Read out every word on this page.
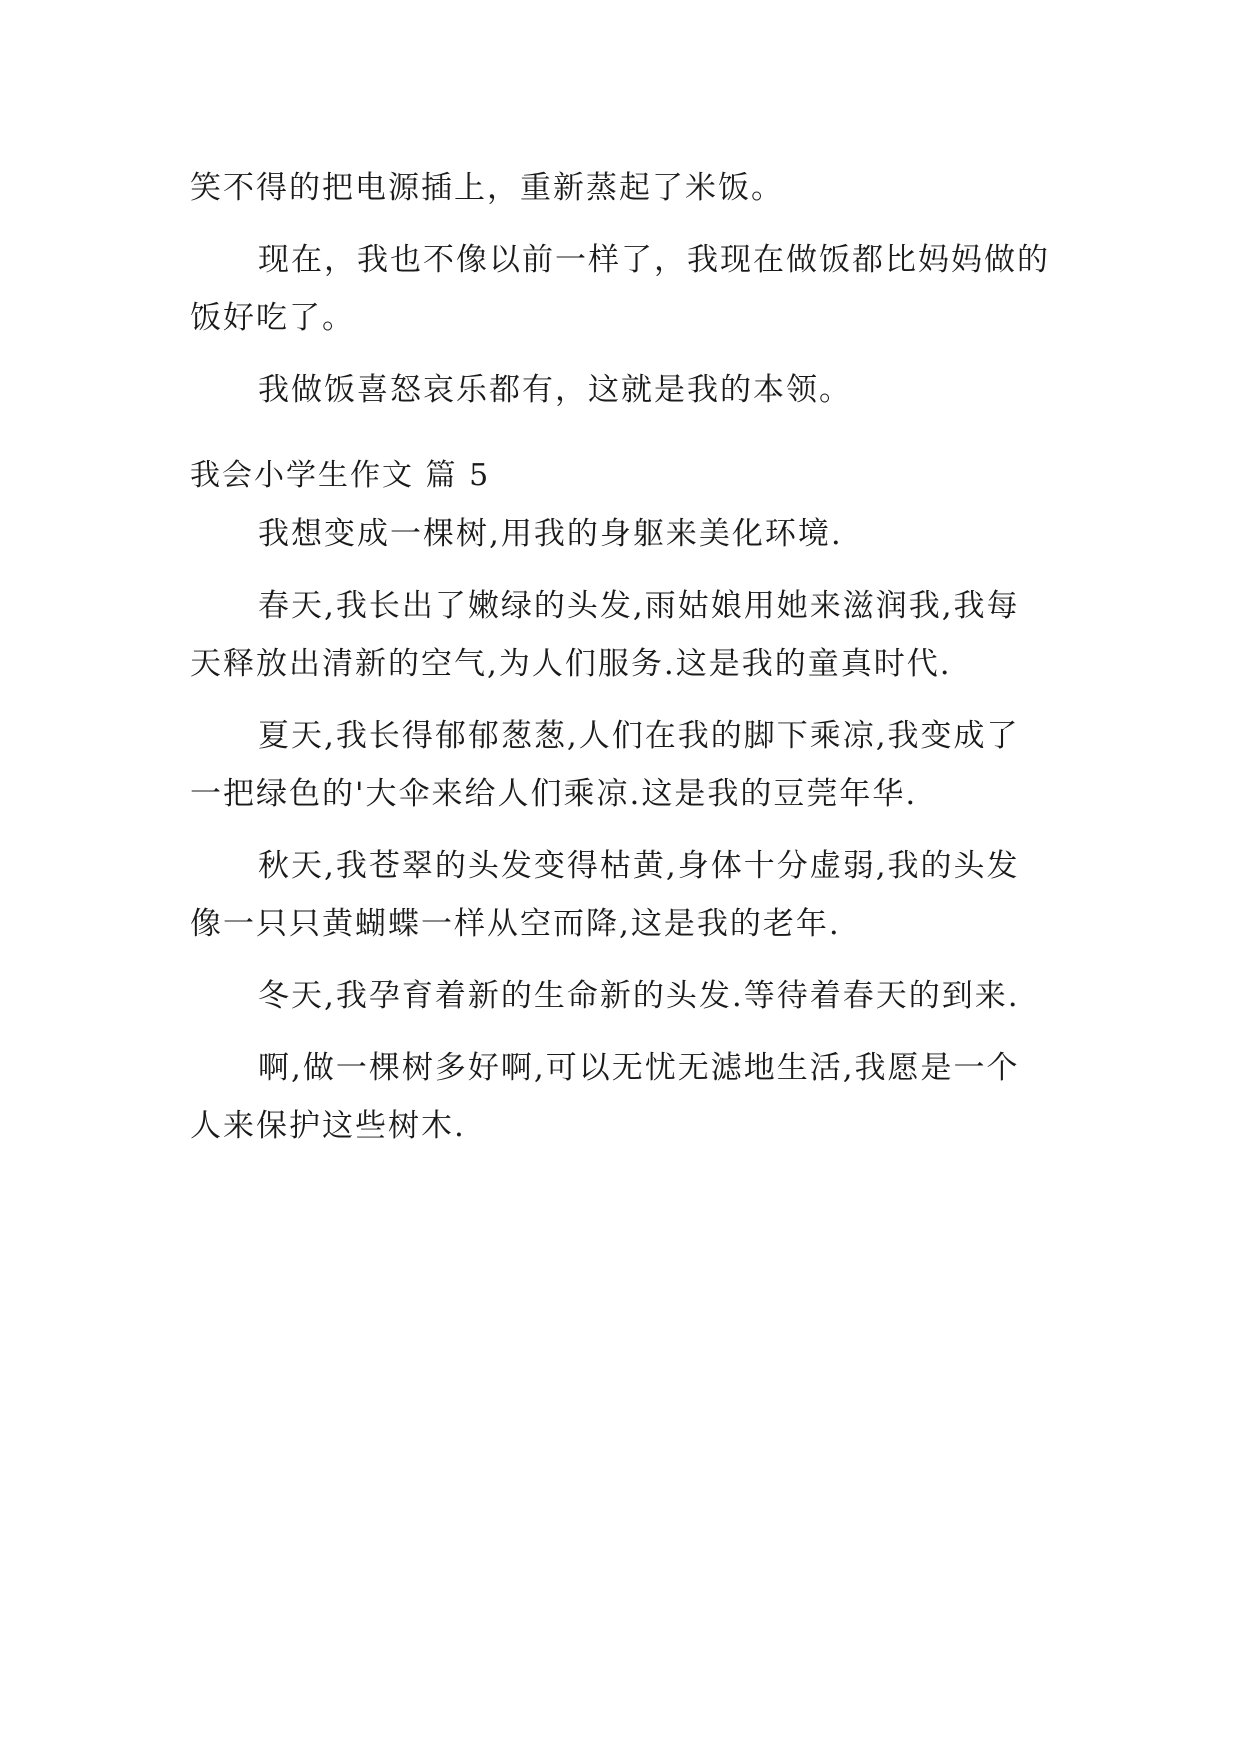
笑不得的把电源插上，重新蒸起了米饭。

现在，我也不像以前一样了，我现在做饭都比妈妈做的

饭好吃了。

我做饭喜怒哀乐都有，这就是我的本领。

我会小学生作文 篇 5

我想变成一棵树,用我的身躯来美化环境.

春天,我长出了嫩绿的头发,雨姑娘用她来滋润我,我每

天释放出清新的空气,为人们服务.这是我的童真时代.

夏天,我长得郁郁葱葱,人们在我的脚下乘凉,我变成了

一把绿色的'大伞来给人们乘凉.这是我的豆莞年华.

秋天,我苍翠的头发变得枯黄,身体十分虚弱,我的头发

像一只只黄蝴蝶一样从空而降,这是我的老年.

冬天,我孕育着新的生命新的头发.等待着春天的到来.

啊,做一棵树多好啊,可以无忧无滤地生活,我愿是一个

人来保护这些树木.
